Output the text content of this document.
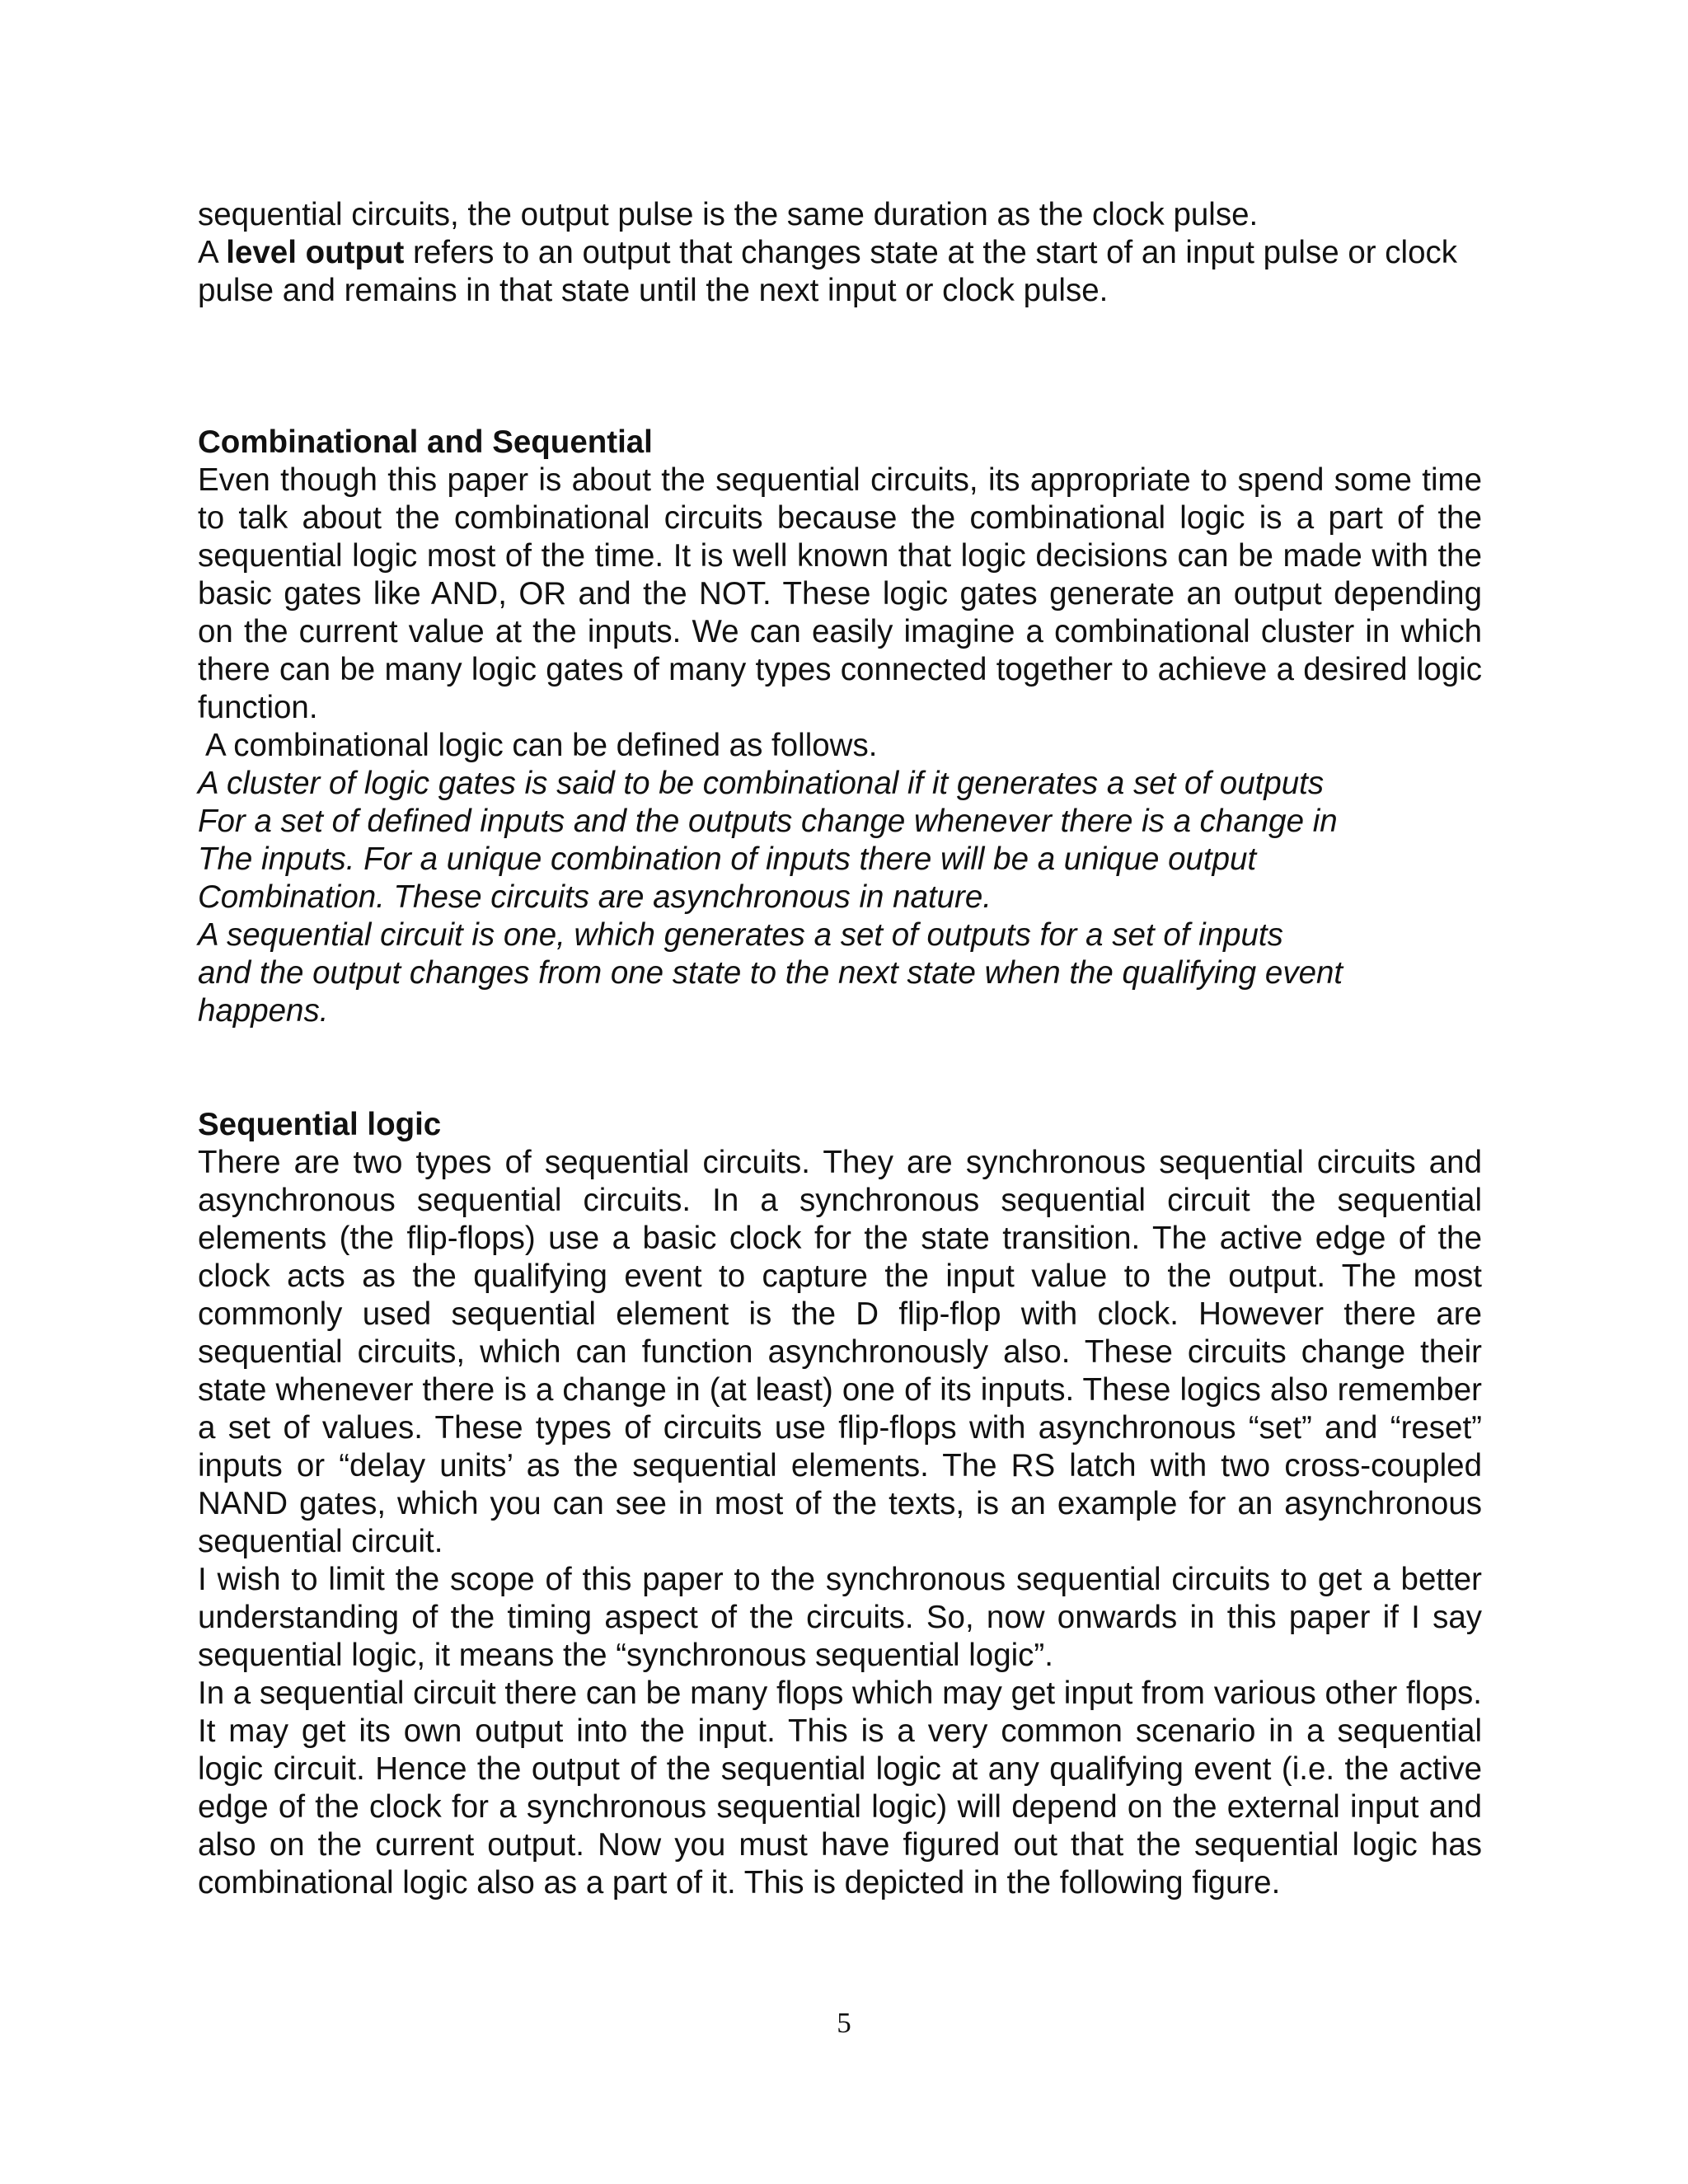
sequential circuits, the output pulse is the same duration as the clock pulse.

A level output refers to an output that changes state at the start of an input pulse or clock pulse and remains in that state until the next input or clock pulse.

Combinational and Sequential

Even though this paper is about the sequential circuits, its appropriate to spend some time to talk about the combinational circuits because the combinational logic is a part of the sequential logic most of the time. It is well known that logic decisions can be made with the basic gates like AND, OR and the NOT. These logic gates generate an output depending on the current value at the inputs. We can easily imagine a combinational cluster in which there can be many logic gates of many types connected together to achieve a desired logic function.

A combinational logic can be defined as follows.

A cluster of logic gates is said to be combinational if it generates a set of outputs

For a set of defined inputs and the outputs change whenever there is a change in

The inputs. For a unique combination of inputs there will be a unique output

Combination. These circuits are asynchronous in nature.

A sequential circuit is one, which generates a set of outputs for a set of inputs

and the output changes from one state to the next state when the qualifying event

happens.

Sequential logic

There are two types of sequential circuits. They are synchronous sequential circuits and asynchronous sequential circuits. In a synchronous sequential circuit the sequential elements (the flip-flops) use a basic clock for the state transition. The active edge of the clock acts as the qualifying event to capture the input value to the output. The most commonly used sequential element is the D flip-flop with clock. However there are sequential circuits, which can function asynchronously also. These circuits change their state whenever there is a change in (at least) one of its inputs. These logics also remember a set of values. These types of circuits use flip-flops with asynchronous “set” and “reset” inputs or “delay units’ as the sequential elements. The RS latch with two cross-coupled NAND gates, which you can see in most of the texts, is an example for an asynchronous sequential circuit.

I wish to limit the scope of this paper to the synchronous sequential circuits to get a better understanding of the timing aspect of the circuits. So, now onwards in this paper if I say sequential logic, it means the “synchronous sequential logic”.

In a sequential circuit there can be many flops which may get input from various other flops. It may get its own output into the input. This is a very common scenario in a sequential logic circuit. Hence the output of the sequential logic at any qualifying event (i.e. the active edge of the clock for a synchronous sequential logic) will depend on the external input and also on the current output. Now you must have figured out that the sequential logic has combinational logic also as a part of it. This is depicted in the following figure.

5
